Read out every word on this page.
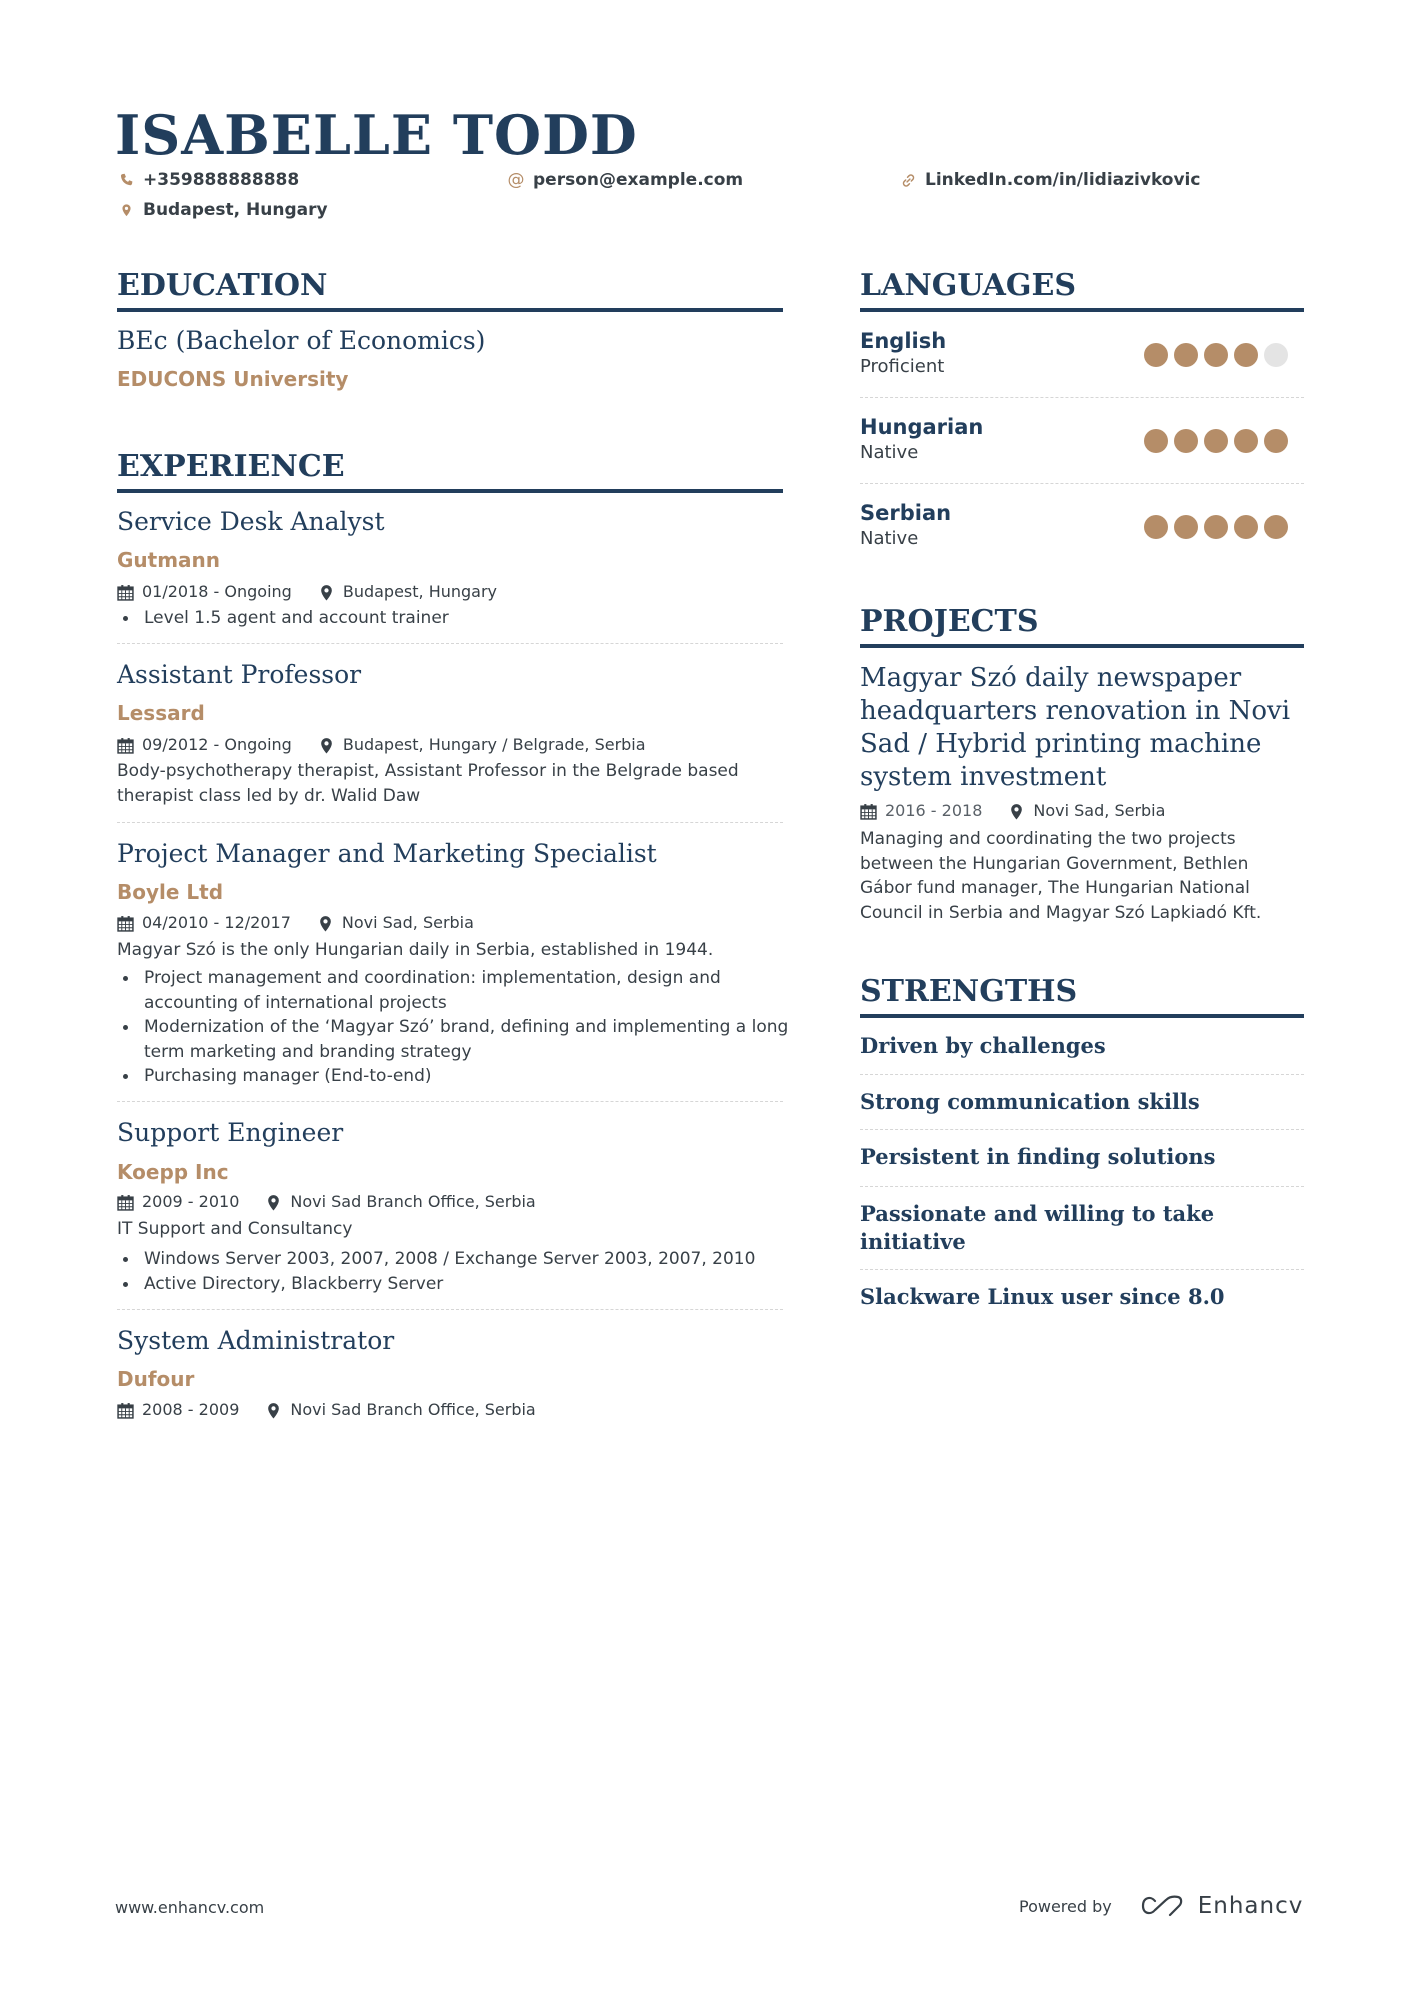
ISABELLE TODD
+359888888888	@ person@example.com	LinkedIn.com/in/lidiazivkovic
Budapest, Hungary
EDUCATION
BEc (Bachelor of Economics)
EDUCONS University
EXPERIENCE
Service Desk Analyst
Gutmann
01/2018 - Ongoing	Budapest, Hungary
Level 1.5 agent and account trainer
Assistant Professor
Lessard
09/2012 - Ongoing	Budapest, Hungary / Belgrade, Serbia
Body-psychotherapy therapist, Assistant Professor in the Belgrade based therapist class led by dr. Walid Daw
Project Manager and Marketing Specialist
Boyle Ltd
04/2010 - 12/2017	Novi Sad, Serbia
Magyar Szó is the only Hungarian daily in Serbia, established in 1944.
Project management and coordination: implementation, design and accounting of international projects
Modernization of the ‘Magyar Szó’ brand, defining and implementing a long term marketing and branding strategy
Purchasing manager (End-to-end)
Support Engineer
Koepp Inc
2009 - 2010	Novi Sad Branch Office, Serbia
IT Support and Consultancy
Windows Server 2003, 2007, 2008 / Exchange Server 2003, 2007, 2010
Active Directory, Blackberry Server
System Administrator
Dufour
2008 - 2009	Novi Sad Branch Office, Serbia
LANGUAGES
English
Proficient
Hungarian
Native
Serbian
Native
PROJECTS
Magyar Szó daily newspaper headquarters renovation in Novi Sad / Hybrid printing machine system investment
2016 - 2018	Novi Sad, Serbia
Managing and coordinating the two projects between the Hungarian Government, Bethlen Gábor fund manager, The Hungarian National Council in Serbia and Magyar Szó Lapkiadó Kft.
STRENGTHS
Driven by challenges
Strong communication skills
Persistent in finding solutions
Passionate and willing to take initiative
Slackware Linux user since 8.0
www.enhancv.com	Powered by	Enhancv
